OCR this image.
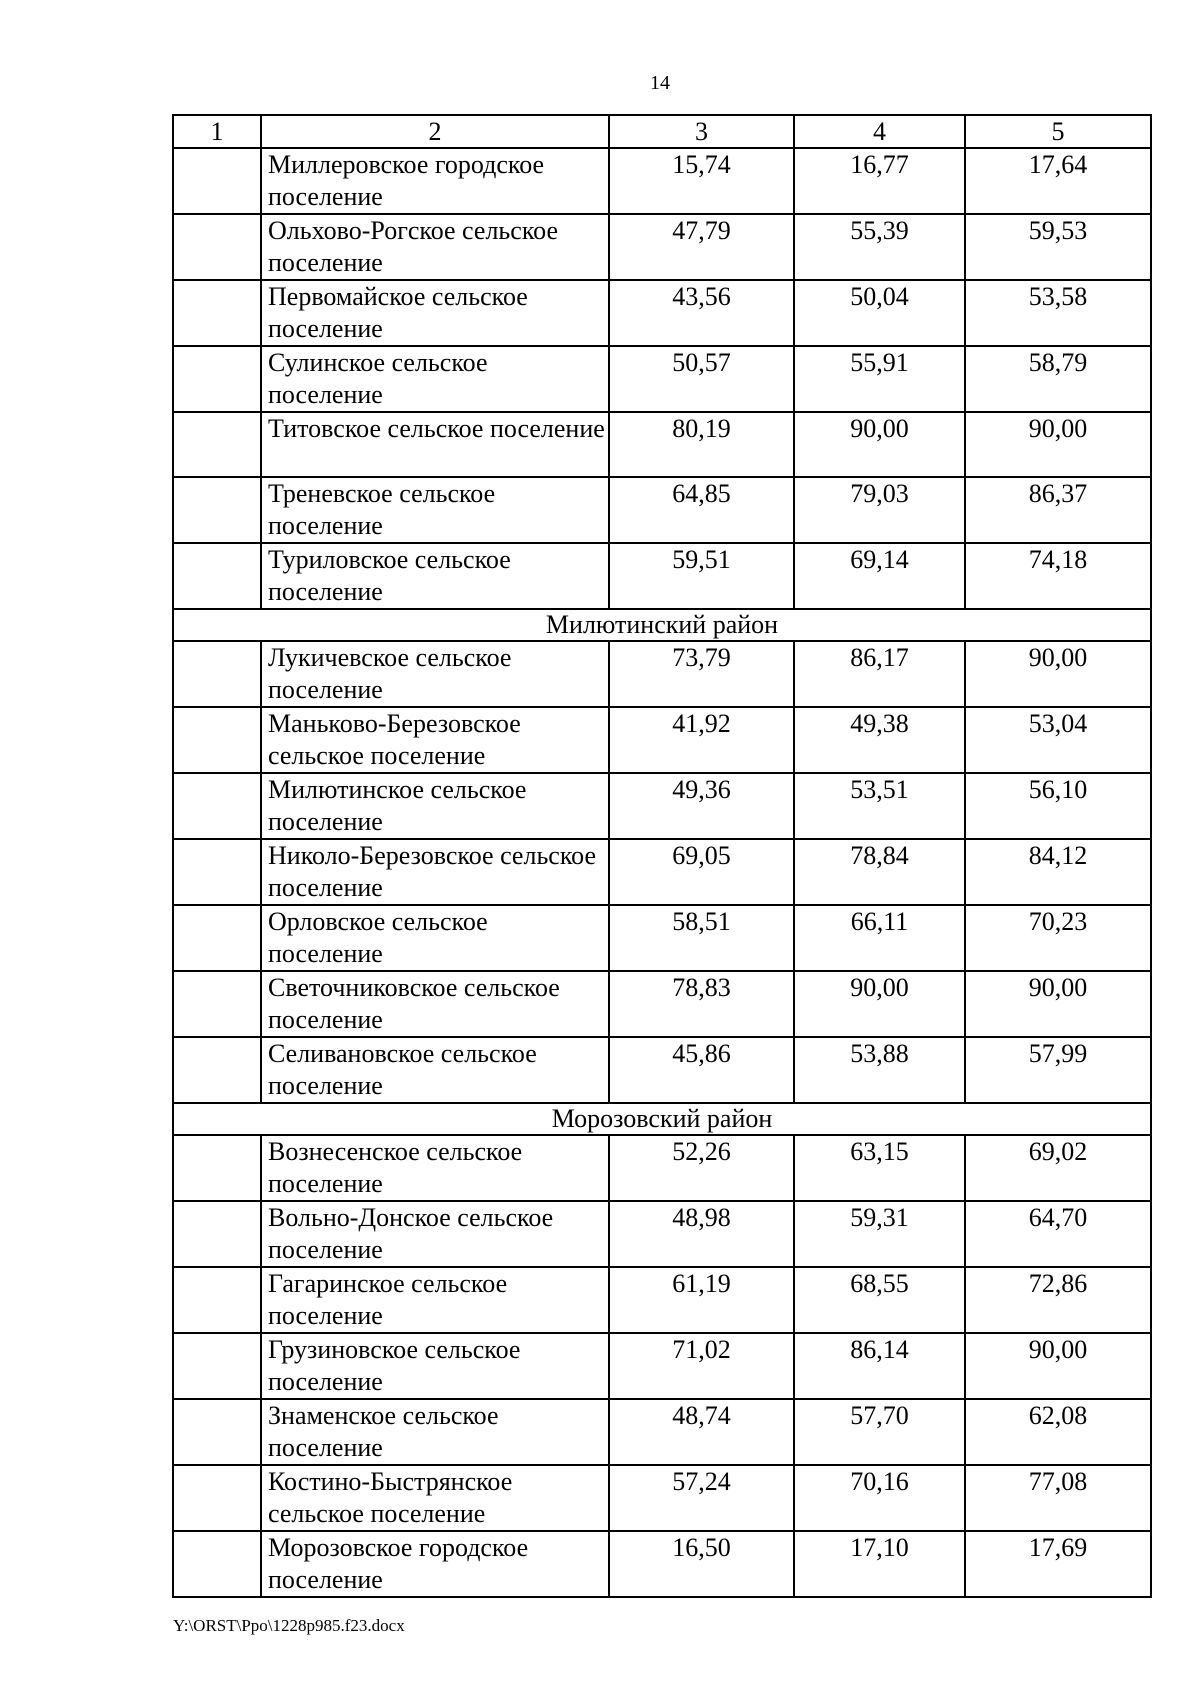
14
1	2	3	4	5
	Миллеровское городское поселение	15,74	16,77	17,64
	Ольхово-Рогское сельское поселение	47,79	55,39	59,53
	Первомайское сельское поселение	43,56	50,04	53,58
	Сулинское сельское поселение	50,57	55,91	58,79
	Титовское сельское поселение	80,19	90,00	90,00
	Треневское сельское поселение	64,85	79,03	86,37
	Туриловское сельское поселение	59,51	69,14	74,18
Милютинский район				
	Лукичевское сельское поселение	73,79	86,17	90,00
	Маньково-Березовское сельское поселение	41,92	49,38	53,04
	Милютинское сельское поселение	49,36	53,51	56,10
	Николо-Березовское сельское поселение	69,05	78,84	84,12
	Орловское сельское поселение	58,51	66,11	70,23
	Светочниковское сельское поселение	78,83	90,00	90,00
	Селивановское сельское поселение	45,86	53,88	57,99
Морозовский район				
	Вознесенское сельское поселение	52,26	63,15	69,02
	Вольно-Донское сельское поселение	48,98	59,31	64,70
	Гагаринское сельское поселение	61,19	68,55	72,86
	Грузиновское сельское поселение	71,02	86,14	90,00
	Знаменское сельское поселение	48,74	57,70	62,08
	Костино-Быстрянское сельское поселение	57,24	70,16	77,08
	Морозовское городское поселение	16,50	17,10	17,69
Y:\ORST\Ppo\1228p985.f23.docx
